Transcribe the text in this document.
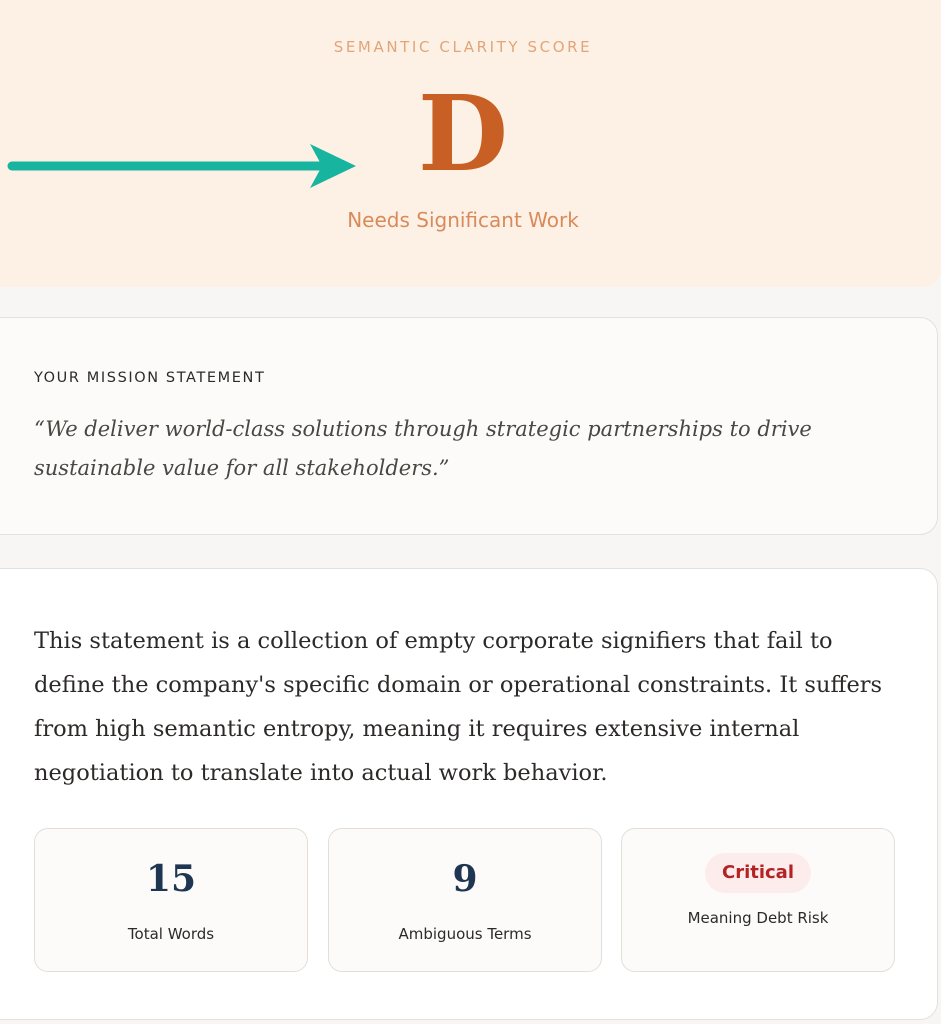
SEMANTIC CLARITY SCORE
D
Needs Significant Work
YOUR MISSION STATEMENT
“We deliver world-class solutions through strategic partnerships to drive sustainable value for all stakeholders.”

This statement is a collection of empty corporate signifiers that fail to define the company's specific domain or operational constraints. It suffers from high semantic entropy, meaning it requires extensive internal negotiation to translate into actual work behavior.

15
Total Words
9
Ambiguous Terms
Critical
Meaning Debt Risk
